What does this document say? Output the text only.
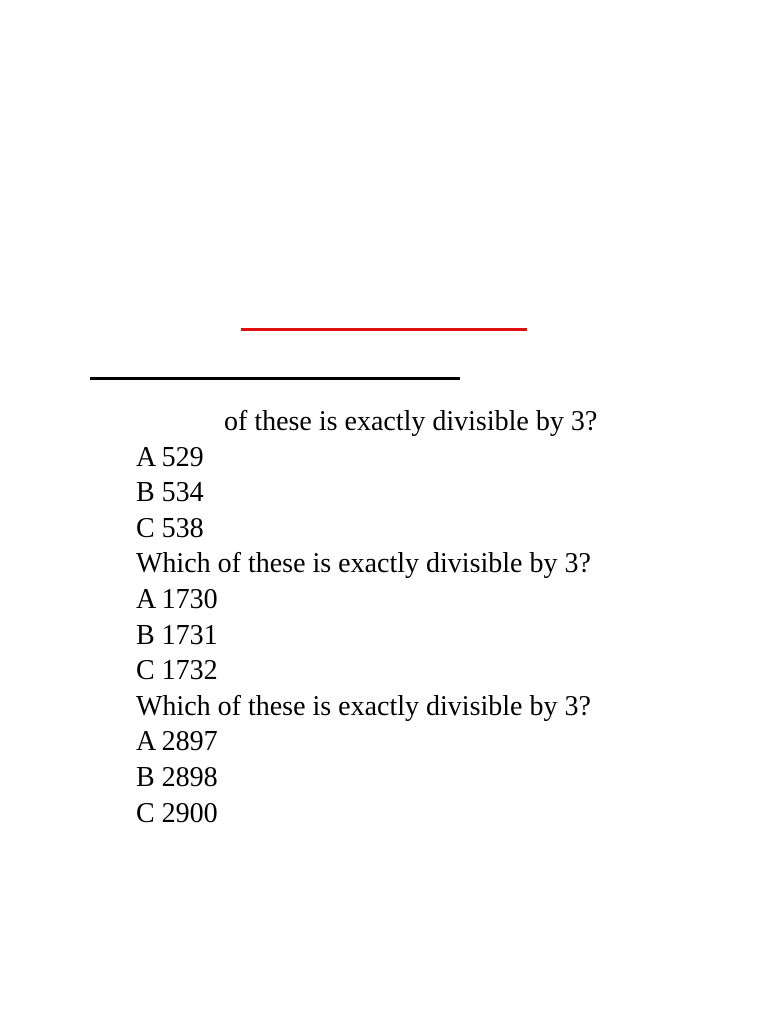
of these is exactly divisible by 3?
A 529
B 534
C 538
Which of these is exactly divisible by 3?
A 1730
B 1731
C 1732
Which of these is exactly divisible by 3?
A 2897
B 2898
C 2900
